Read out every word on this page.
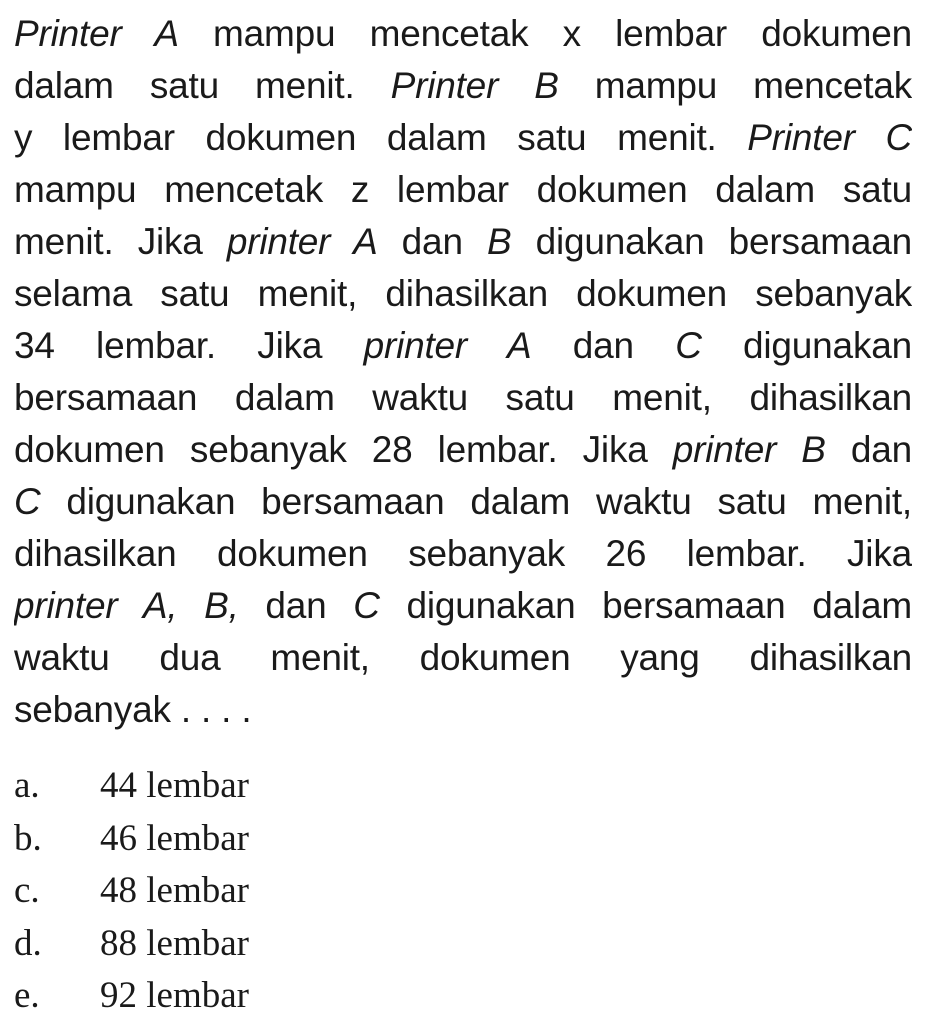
Printer A mampu mencetak x lembar dokumen
dalam satu menit. Printer B mampu mencetak
y lembar dokumen dalam satu menit. Printer C
mampu mencetak z lembar dokumen dalam satu
menit. Jika printer A dan B digunakan bersamaan
selama satu menit, dihasilkan dokumen sebanyak
34 lembar. Jika printer A dan C digunakan
bersamaan dalam waktu satu menit, dihasilkan
dokumen sebanyak 28 lembar. Jika printer B dan
C digunakan bersamaan dalam waktu satu menit,
dihasilkan dokumen sebanyak 26 lembar. Jika
printer A, B, dan C digunakan bersamaan dalam
waktu dua menit, dokumen yang dihasilkan
sebanyak . . . .
a. 44 lembar
b. 46 lembar
c. 48 lembar
d. 88 lembar
e. 92 lembar
